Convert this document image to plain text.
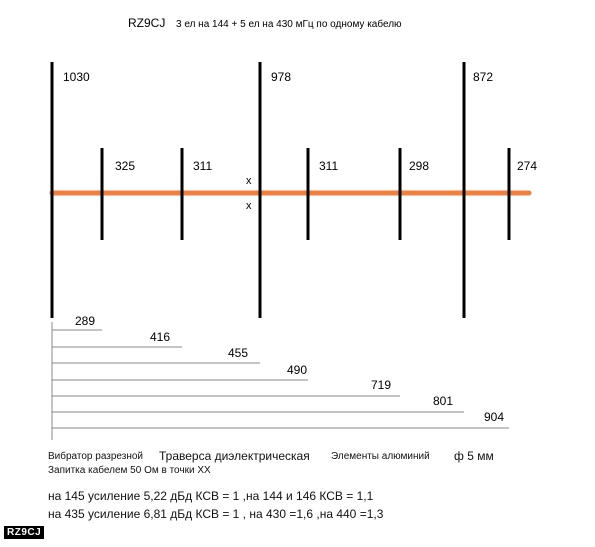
RZ9CJ 3 ел на 144 + 5 ел на 430 мГц по одному кабелю
1030
325	311
978
311	298
872
274
x
x
289
416
455
490
719
801
904
Вибратор разрезной Траверса диэлектрическая Элементы алюминий ф 5 мм
Запитка кабелем 50 Ом в точки ХХ
на 145 усиление 5,22 дБд КСВ = 1 ,на 144 и 146 КСВ = 1,1
на 435 усиление 6,81 дБд КСВ = 1 , на 430 =1,6 ,на 440 =1,3
RZ9CJ
